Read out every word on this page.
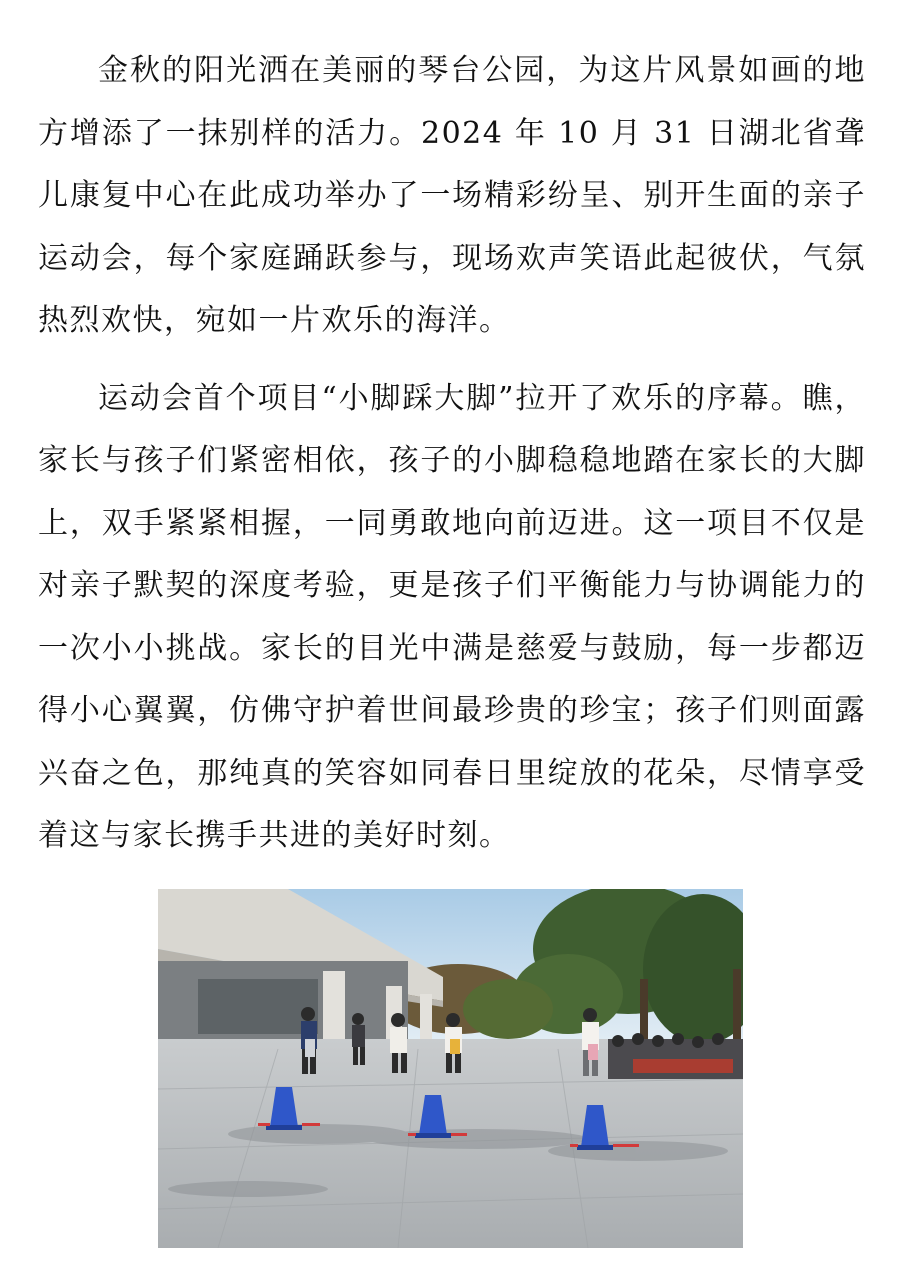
金秋的阳光洒在美丽的琴台公园，为这片风景如画的地方增添了一抹别样的活力。2024 年 10 月 31 日湖北省聋儿康复中心在此成功举办了一场精彩纷呈、别开生面的亲子运动会，每个家庭踊跃参与，现场欢声笑语此起彼伏，气氛热烈欢快，宛如一片欢乐的海洋。

运动会首个项目“小脚踩大脚”拉开了欢乐的序幕。瞧，家长与孩子们紧密相依，孩子的小脚稳稳地踏在家长的大脚上，双手紧紧相握，一同勇敢地向前迈进。这一项目不仅是对亲子默契的深度考验，更是孩子们平衡能力与协调能力的一次小小挑战。家长的目光中满是慈爱与鼓励，每一步都迈得小心翼翼，仿佛守护着世间最珍贵的珍宝；孩子们则面露兴奋之色，那纯真的笑容如同春日里绽放的花朵，尽情享受着这与家长携手共进的美好时刻。
